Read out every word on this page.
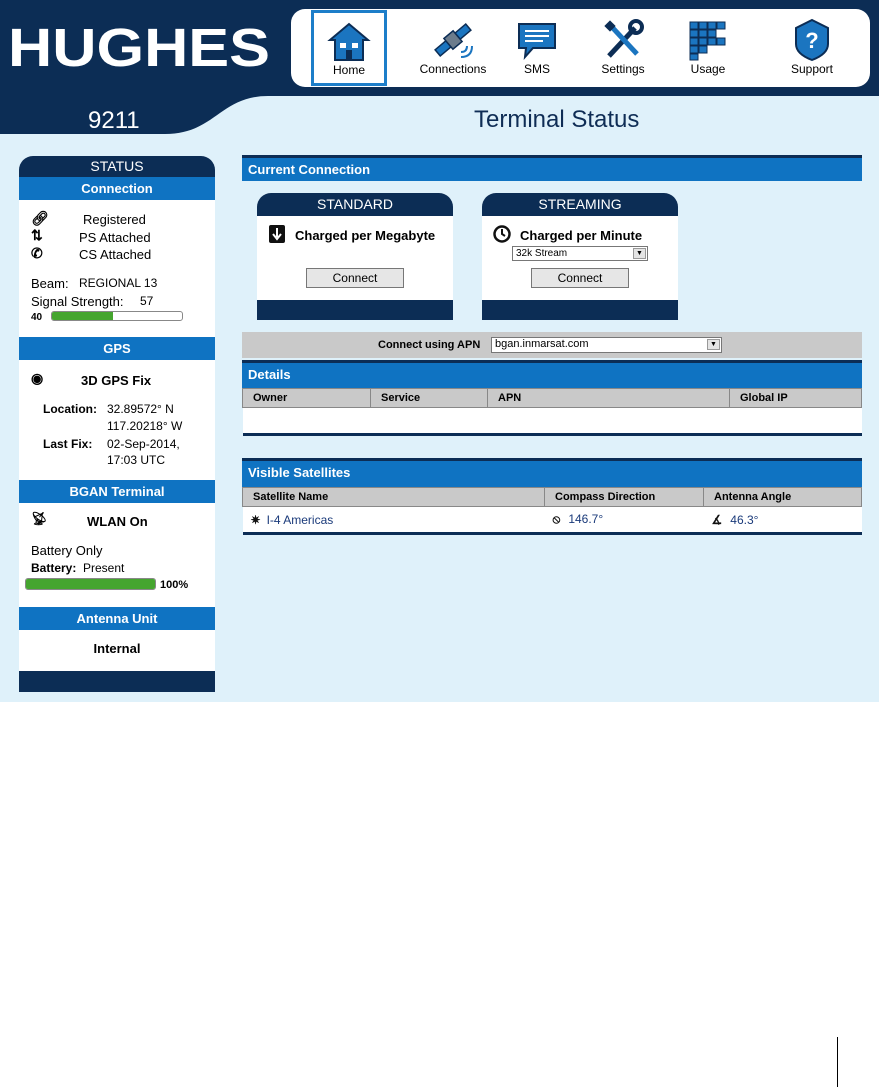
HUGHES	Home	Connections	SMS	Settings	Usage
?
Support
9211	Terminal Status
STATUS
Connection
🔗︎	Registered
⇅	PS Attached
✆	CS Attached
Beam: REGIONAL 13
Signal Strength: 57
40
GPS
◉	3D GPS Fix
Location: 32.89572° N
117.20218° W
Last Fix: 02-Sep-2014,
17:03 UTC
BGAN Terminal
📡︎	WLAN On
Battery Only
Battery: Present
100%
Antenna Unit
Internal
Current Connection
STANDARD
Charged per Megabyte
Connect
STREAMING
Charged per Minute
32k Stream	▼
Connect
Connect using APN	bgan.inmarsat.com	▼
Details
Owner	Service	APN	Global IP

Visible Satellites
Satellite Name	Compass Direction	Antenna Angle
✷ I-4 Americas	⦸ 146.7°	∡ 46.3°
